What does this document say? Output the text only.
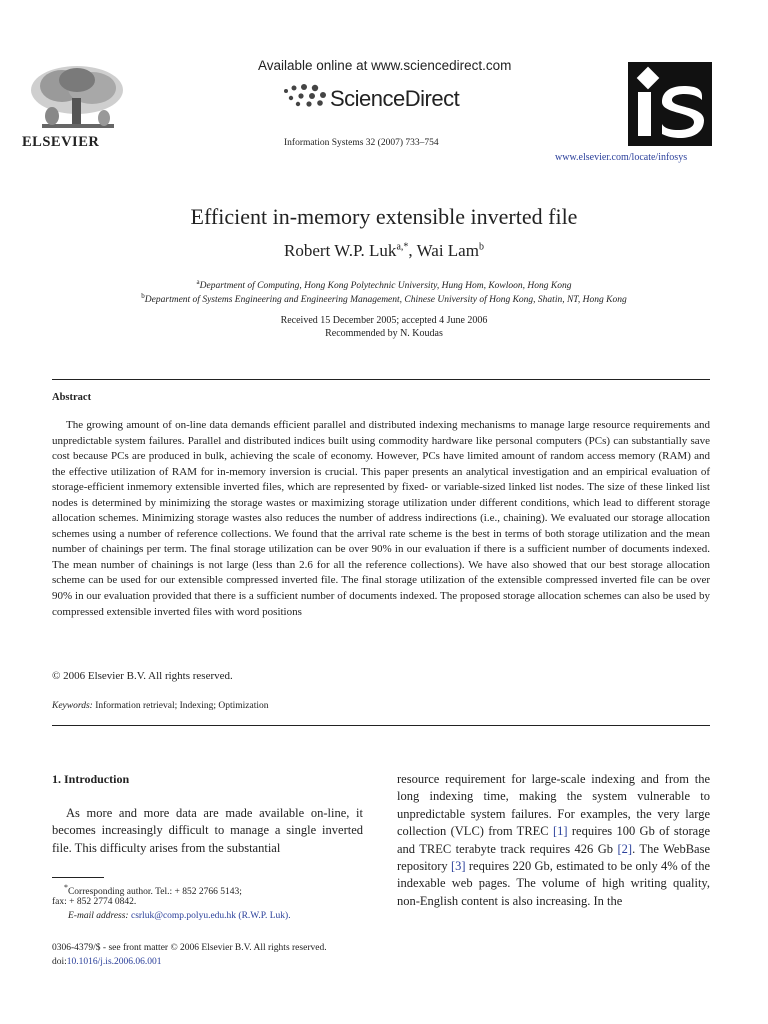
ELSEVIER
Available online at www.sciencedirect.com
ScienceDirect
Information Systems 32 (2007) 733–754
www.elsevier.com/locate/infosys
Efficient in-memory extensible inverted file
Robert W.P. Luk$^{a,*}$, Wai Lam$^b$
$^a$Department of Computing, Hong Kong Polytechnic University, Hung Hom, Kowloon, Hong Kong
$^b$Department of Systems Engineering and Engineering Management, Chinese University of Hong Kong, Shatin, NT, Hong Kong
Received 15 December 2005; accepted 4 June 2006
Recommended by N. Koudas
Abstract

The growing amount of on-line data demands efficient parallel and distributed indexing mechanisms to manage large resource requirements and unpredictable system failures. Parallel and distributed indices built using commodity hardware like personal computers (PCs) can substantially save cost because PCs are produced in bulk, achieving the scale of economy. However, PCs have limited amount of random access memory (RAM) and the effective utilization of RAM for in-memory inversion is crucial. This paper presents an analytical investigation and an empirical evaluation of storage-efficient inmemory extensible inverted files, which are represented by fixed- or variable-sized linked list nodes. The size of these linked list nodes is determined by minimizing the storage wastes or maximizing storage utilization under different conditions, which lead to different storage allocation schemes. Minimizing storage wastes also reduces the number of address indirections (i.e., chaining). We evaluated our storage allocation schemes using a number of reference collections. We found that the arrival rate scheme is the best in terms of both storage utilization and the mean number of chainings per term. The final storage utilization can be over 90% in our evaluation if there is a sufficient number of documents indexed. The mean number of chainings is not large (less than 2.6 for all the reference collections). We have also showed that our best storage allocation scheme can be used for our extensible compressed inverted file. The final storage utilization of the extensible compressed inverted file can be over 90% in our evaluation provided that there is a sufficient number of documents indexed. The proposed storage allocation schemes can also be used by compressed extensible inverted files with word positions

© 2006 Elsevier B.V. All rights reserved.
Keywords: Information retrieval; Indexing; Optimization
1. Introduction

As more and more data are made available on-line, it becomes increasingly difficult to manage a single inverted file. This difficulty arises from the substantial

resource requirement for large-scale indexing and from the long indexing time, making the system vulnerable to unpredictable system failures. For examples, the very large collection (VLC) from TREC [1] requires 100 Gb of storage and TREC terabyte track requires 426 Gb [2]. The WebBase repository [3] requires 220 Gb, estimated to be only 4% of the indexable web pages. The volume of high writing quality, non-English content is also increasing. In the
*Corresponding author. Tel.: + 852 2766 5143;
fax: + 852 2774 0842.
E-mail address: csrluk@comp.polyu.edu.hk (R.W.P. Luk).
0306-4379/$ - see front matter © 2006 Elsevier B.V. All rights reserved.
doi:10.1016/j.is.2006.06.001
